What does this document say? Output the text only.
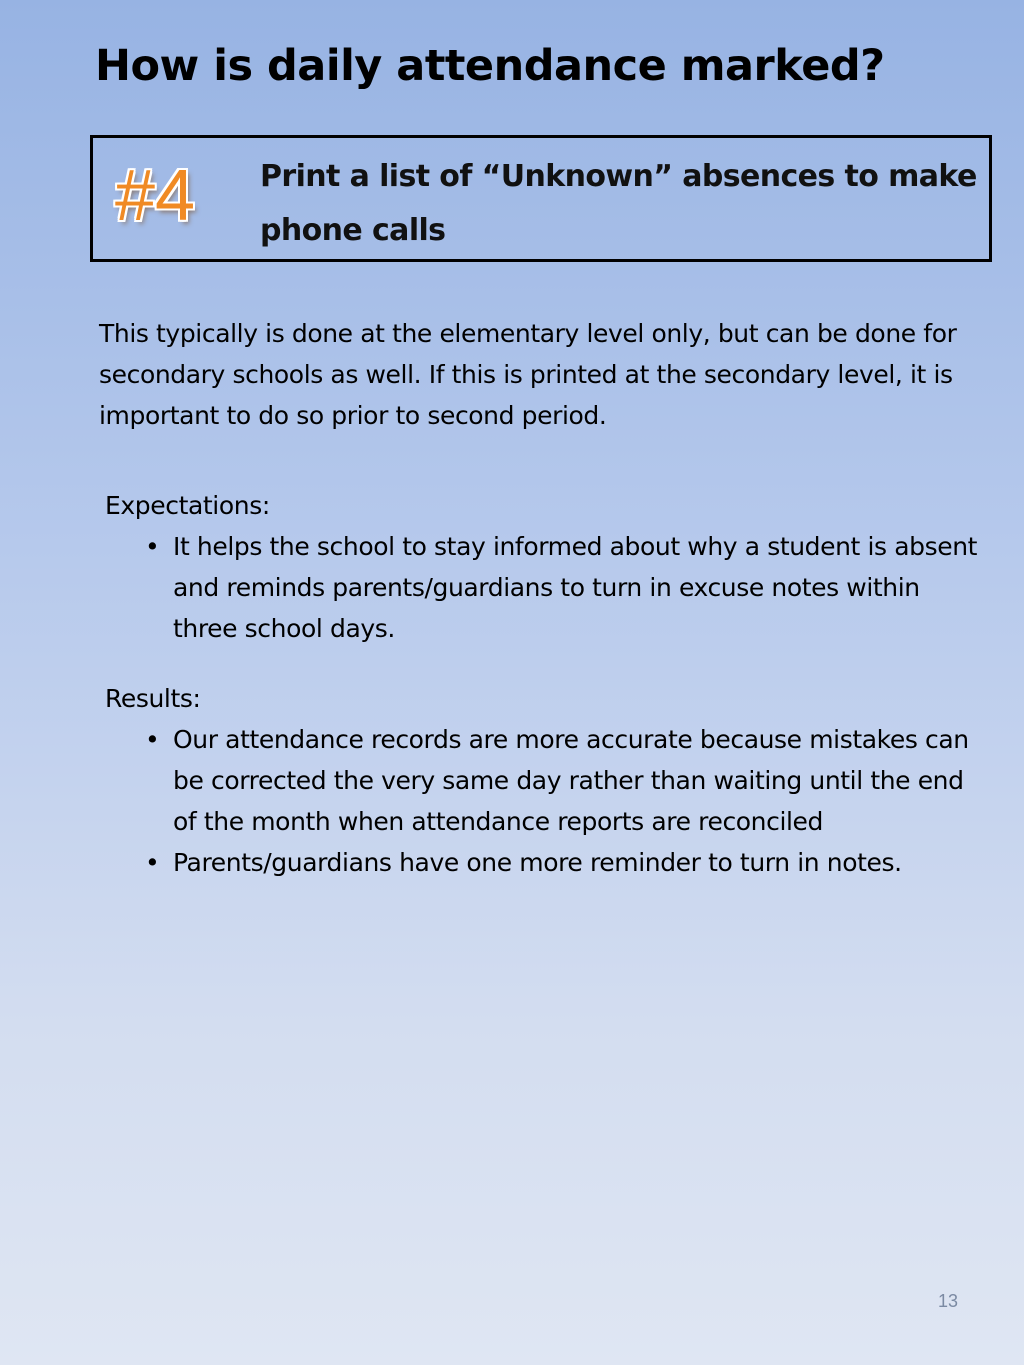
How is daily attendance marked?
#4 Print a list of “Unknown” absences to make phone calls

This typically is done at the elementary level only, but can be done for secondary schools as well. If this is printed at the secondary level, it is important to do so prior to second period.

Expectations:

• It helps the school to stay informed about why a student is absent and reminds parents/guardians to turn in excuse notes within three school days.

Results:

• Our attendance records are more accurate because mistakes can be corrected the very same day rather than waiting until the end of the month when attendance reports are reconciled
• Parents/guardians have one more reminder to turn in notes.
13
